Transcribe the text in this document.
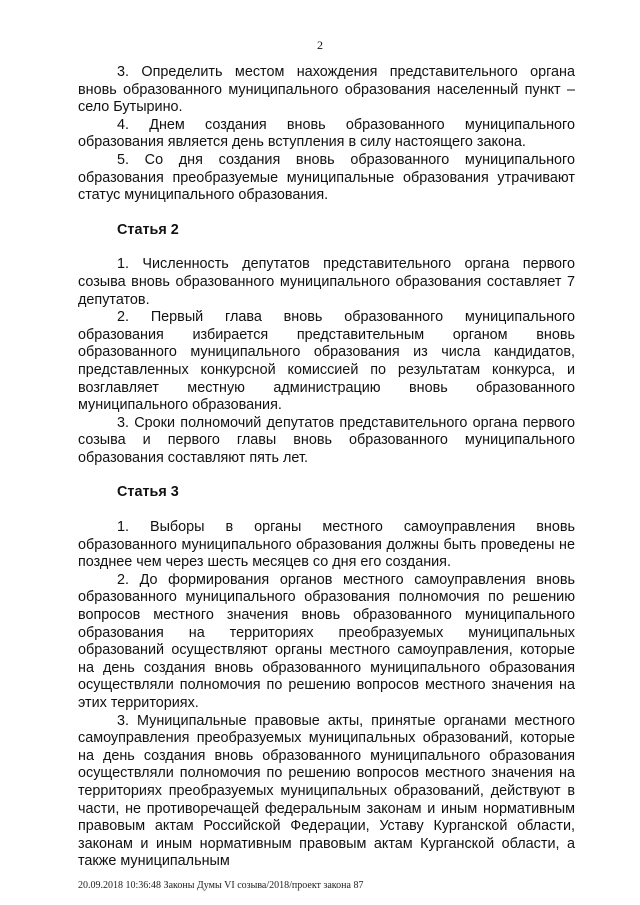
2

3. Определить местом нахождения представительного органа вновь образованного муниципального образования населенный пункт – село Бутырино.

4. Днем создания вновь образованного муниципального образования является день вступления в силу настоящего закона.

5. Со дня создания вновь образованного муниципального образования преобразуемые муниципальные образования утрачивают статус муниципального образования.

Статья 2

1. Численность депутатов представительного органа первого созыва вновь образованного муниципального образования составляет 7 депутатов.

2. Первый глава вновь образованного муниципального образования избирается представительным органом вновь образованного муниципального образования из числа кандидатов, представленных конкурсной комиссией по результатам конкурса, и возглавляет местную администрацию вновь образованного муниципального образования.

3. Сроки полномочий депутатов представительного органа первого созыва и первого главы вновь образованного муниципального образования составляют пять лет.

Статья 3

1. Выборы в органы местного самоуправления вновь образованного муниципального образования должны быть проведены не позднее чем через шесть месяцев со дня его создания.

2. До формирования органов местного самоуправления вновь образованного муниципального образования полномочия по решению вопросов местного значения вновь образованного муниципального образования на территориях преобразуемых муниципальных образований осуществляют органы местного самоуправления, которые на день создания вновь образованного муниципального образования осуществляли полномочия по решению вопросов местного значения на этих территориях.

3. Муниципальные правовые акты, принятые органами местного самоуправления преобразуемых муниципальных образований, которые на день создания вновь образованного муниципального образования осуществляли полномочия по решению вопросов местного значения на территориях преобразуемых муниципальных образований, действуют в части, не противоречащей федеральным законам и иным нормативным правовым актам Российской Федерации, Уставу Курганской области, законам и иным нормативным правовым актам Курганской области, а также муниципальным

20.09.2018 10:36:48 Законы Думы VI созыва/2018/проект закона 87
